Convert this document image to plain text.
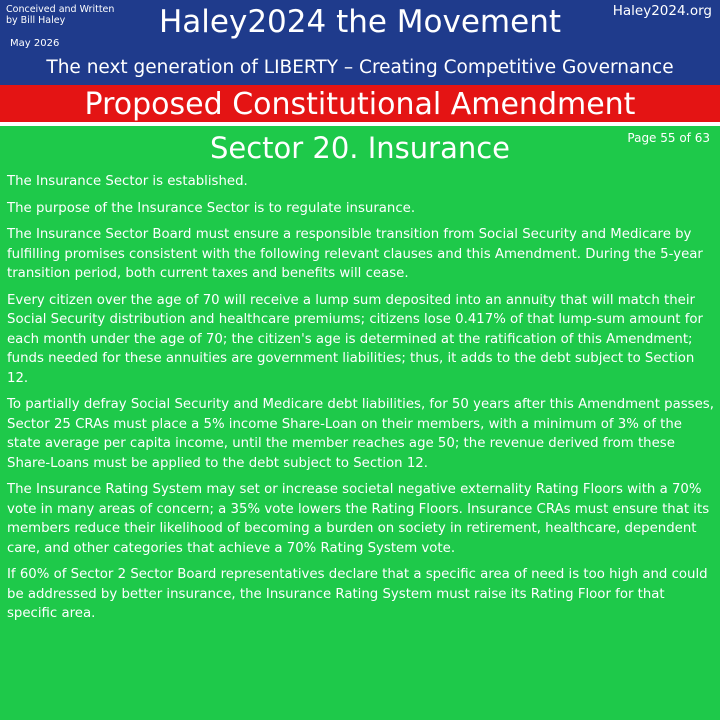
Conceived and Written
by Bill Haley
May 2026
Haley2024 the Movement	Haley2024.org
The next generation of LIBERTY – Creating Competitive Governance
Proposed Constitutional Amendment
Sector 20. Insurance	Page 55 of 63

The Insurance Sector is established.

The purpose of the Insurance Sector is to regulate insurance.

The Insurance Sector Board must ensure a responsible transition from Social Security and Medicare by fulfilling promises consistent with the following relevant clauses and this Amendment. During the 5-year transition period, both current taxes and benefits will cease.

Every citizen over the age of 70 will receive a lump sum deposited into an annuity that will match their Social Security distribution and healthcare premiums; citizens lose 0.417% of that lump-sum amount for each month under the age of 70; the citizen's age is determined at the ratification of this Amendment; funds needed for these annuities are government liabilities; thus, it adds to the debt subject to Section 12.

To partially defray Social Security and Medicare debt liabilities, for 50 years after this Amendment passes, Sector 25 CRAs must place a 5% income Share-Loan on their members, with a minimum of 3% of the state average per capita income, until the member reaches age 50; the revenue derived from these Share-Loans must be applied to the debt subject to Section 12.

The Insurance Rating System may set or increase societal negative externality Rating Floors with a 70% vote in many areas of concern; a 35% vote lowers the Rating Floors. Insurance CRAs must ensure that its members reduce their likelihood of becoming a burden on society in retirement, healthcare, dependent care, and other categories that achieve a 70% Rating System vote.

If 60% of Sector 2 Sector Board representatives declare that a specific area of need is too high and could be addressed by better insurance, the Insurance Rating System must raise its Rating Floor for that specific area.
